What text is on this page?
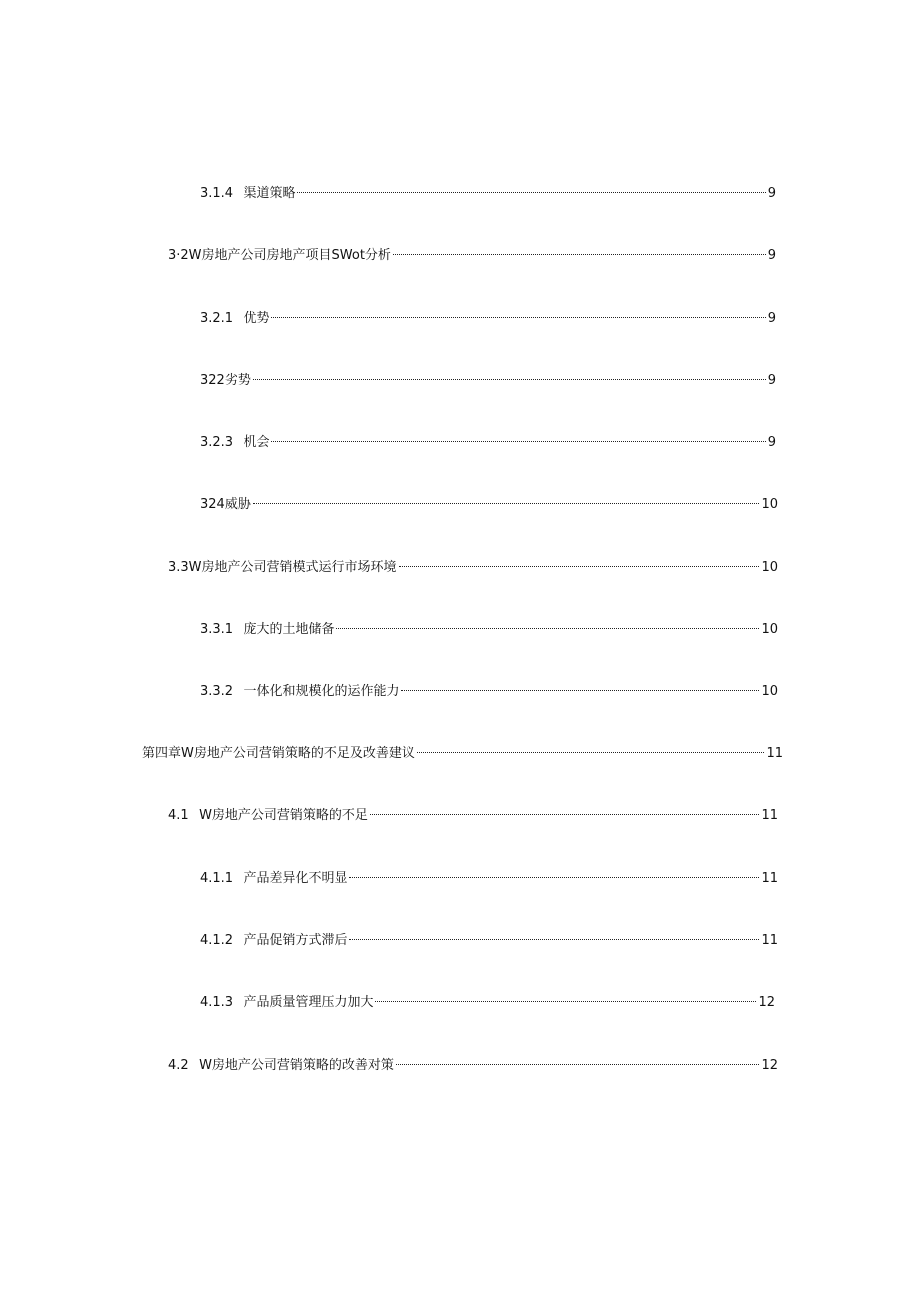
3.1.4 渠道策略	9
3·2W房地产公司房地产项目SWot分析	9
3.2.1 优势	9
322劣势	9
3.2.3 机会	9
324威胁	10
3.3W房地产公司营销模式运行市场环境	10
3.3.1 庞大的土地储备	10
3.3.2 一体化和规模化的运作能力	10
第四章W房地产公司营销策略的不足及改善建议	11
4.1 W房地产公司营销策略的不足	11
4.1.1 产品差异化不明显	11
4.1.2 产品促销方式滞后	11
4.1.3 产品质量管理压力加大	12
4.2 W房地产公司营销策略的改善对策	12
